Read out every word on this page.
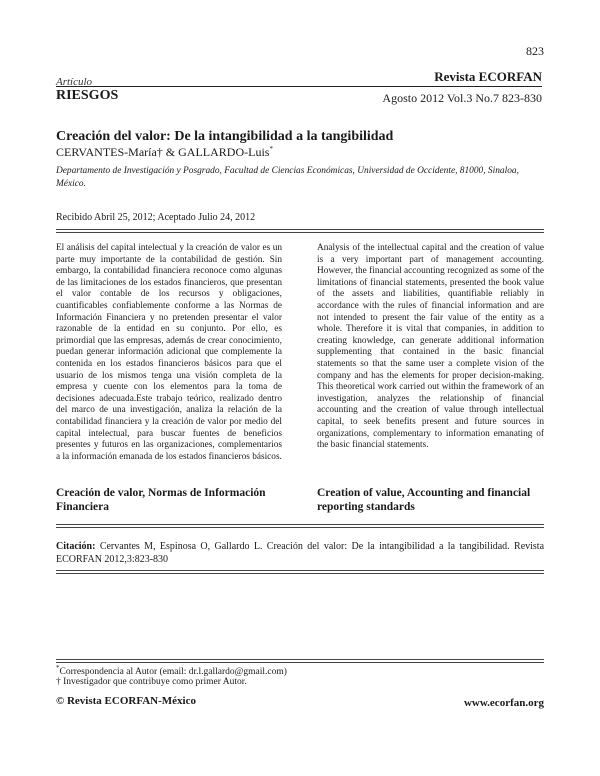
823
Artículo	Revista ECORFAN
RIESGOS	Agosto 2012 Vol.3 No.7 823-830
Creación del valor: De la intangibilidad a la tangibilidad
CERVANTES-María† & GALLARDO-Luis*
Departamento de Investigación y Posgrado, Facultad de Ciencias Económicas, Universidad de Occidente, 81000, Sinaloa, México.
Recibido Abril 25, 2012; Aceptado Julio 24, 2012
El análisis del capital intelectual y la creación de valor es un parte muy importante de la contabilidad de gestión. Sin embargo, la contabilidad financiera reconoce como algunas de las limitaciones de los estados financieros, que presentan el valor contable de los recursos y obligaciones, cuantificables confiablemente conforme a las Normas de Información Financiera y no pretenden presentar el valor razonable de la entidad en su conjunto. Por ello, es primordial que las empresas, además de crear conocimiento, puedan generar información adicional que complemente la contenida en los estados financieros básicos para que el usuario de los mismos tenga una visión completa de la empresa y cuente con los elementos para la toma de decisiones adecuada.Este trabajo teórico, realizado dentro del marco de una investigación, analiza la relación de la contabilidad financiera y la creación de valor por medio del capital intelectual, para buscar fuentes de beneficios presentes y futuros en las organizaciones, complementarios a la información emanada de los estados financieros básicos.
Analysis of the intellectual capital and the creation of value is a very important part of management accounting. However, the financial accounting recognized as some of the limitations of financial statements, presented the book value of the assets and liabilities, quantifiable reliably in accordance with the rules of financial information and are not intended to present the fair value of the entity as a whole. Therefore it is vital that companies, in addition to creating knowledge, can generate additional information supplementing that contained in the basic financial statements so that the same user a complete vision of the company and has the elements for proper decision-making. This theoretical work carried out within the framework of an investigation, analyzes the relationship of financial accounting and the creation of value through intellectual capital, to seek benefits present and future sources in organizations, complementary to information emanating of the basic financial statements.
Creación de valor, Normas de Información Financiera
Creation of value, Accounting and financial reporting standards
Citación: Cervantes M, Espinosa O, Gallardo L. Creación del valor: De la intangibilidad a la tangibilidad. Revista ECORFAN 2012,3:823-830
*Correspondencia al Autor (email: dr.l.gallardo@gmail.com)
† Investigador que contribuye como primer Autor.
© Revista ECORFAN-México	www.ecorfan.org
